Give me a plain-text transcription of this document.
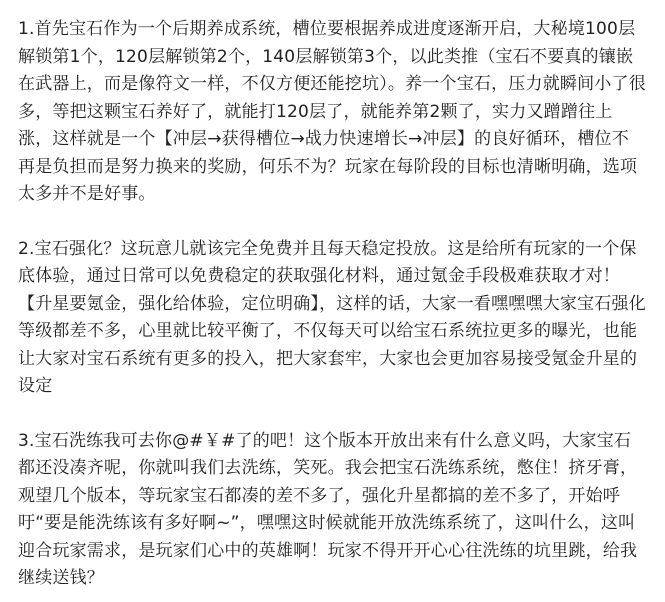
1.首先宝石作为一个后期养成系统，槽位要根据养成进度逐渐开启，大秘境100层解锁第1个，120层解锁第2个，140层解锁第3个，以此类推（宝石不要真的镶嵌在武器上，而是像符文一样，不仅方便还能挖坑）。养一个宝石，压力就瞬间小了很多，等把这颗宝石养好了，就能打120层了，就能养第2颗了，实力又蹭蹭往上涨，这样就是一个【冲层→获得槽位→战力快速增长→冲层】的良好循环，槽位不再是负担而是努力换来的奖励，何乐不为？玩家在每阶段的目标也清晰明确，选项太多并不是好事。

2.宝石强化？这玩意儿就该完全免费并且每天稳定投放。这是给所有玩家的一个保底体验，通过日常可以免费稳定的获取强化材料，通过氪金手段极难获取才对！【升星要氪金，强化给体验，定位明确】，这样的话，大家一看嘿嘿嘿大家宝石强化等级都差不多，心里就比较平衡了，不仅每天可以给宝石系统拉更多的曝光，也能让大家对宝石系统有更多的投入，把大家套牢，大家也会更加容易接受氪金升星的设定

3.宝石洗练我可去你@#￥#了的吧！这个版本开放出来有什么意义吗，大家宝石都还没凑齐呢，你就叫我们去洗练，笑死。我会把宝石洗练系统，憋住！挤牙膏，观望几个版本，等玩家宝石都凑的差不多了，强化升星都搞的差不多了，开始呼吁“要是能洗练该有多好啊~”，嘿嘿这时候就能开放洗练系统了，这叫什么，这叫迎合玩家需求，是玩家们心中的英雄啊！玩家不得开开心心往洗练的坑里跳，给我继续送钱？
